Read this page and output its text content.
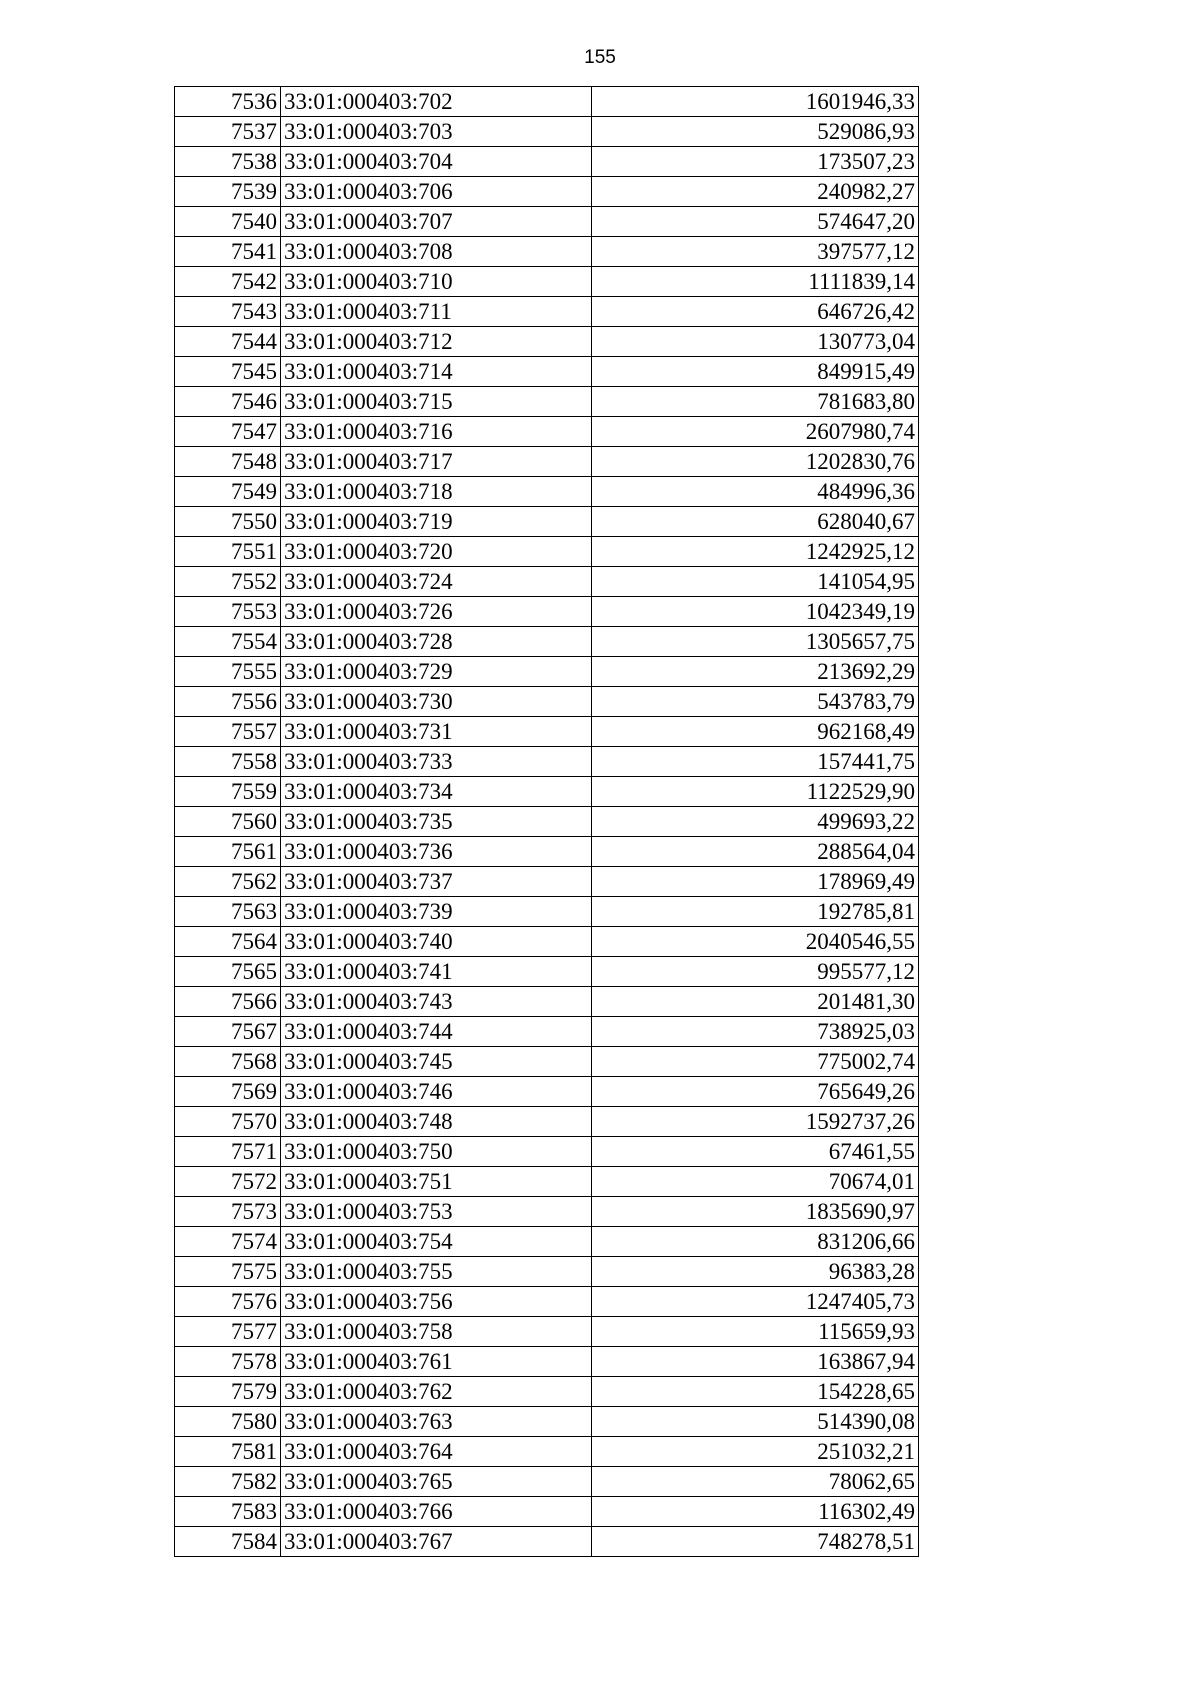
155
7536	33:01:000403:702	1601946,33
7537	33:01:000403:703	529086,93
7538	33:01:000403:704	173507,23
7539	33:01:000403:706	240982,27
7540	33:01:000403:707	574647,20
7541	33:01:000403:708	397577,12
7542	33:01:000403:710	1111839,14
7543	33:01:000403:711	646726,42
7544	33:01:000403:712	130773,04
7545	33:01:000403:714	849915,49
7546	33:01:000403:715	781683,80
7547	33:01:000403:716	2607980,74
7548	33:01:000403:717	1202830,76
7549	33:01:000403:718	484996,36
7550	33:01:000403:719	628040,67
7551	33:01:000403:720	1242925,12
7552	33:01:000403:724	141054,95
7553	33:01:000403:726	1042349,19
7554	33:01:000403:728	1305657,75
7555	33:01:000403:729	213692,29
7556	33:01:000403:730	543783,79
7557	33:01:000403:731	962168,49
7558	33:01:000403:733	157441,75
7559	33:01:000403:734	1122529,90
7560	33:01:000403:735	499693,22
7561	33:01:000403:736	288564,04
7562	33:01:000403:737	178969,49
7563	33:01:000403:739	192785,81
7564	33:01:000403:740	2040546,55
7565	33:01:000403:741	995577,12
7566	33:01:000403:743	201481,30
7567	33:01:000403:744	738925,03
7568	33:01:000403:745	775002,74
7569	33:01:000403:746	765649,26
7570	33:01:000403:748	1592737,26
7571	33:01:000403:750	67461,55
7572	33:01:000403:751	70674,01
7573	33:01:000403:753	1835690,97
7574	33:01:000403:754	831206,66
7575	33:01:000403:755	96383,28
7576	33:01:000403:756	1247405,73
7577	33:01:000403:758	115659,93
7578	33:01:000403:761	163867,94
7579	33:01:000403:762	154228,65
7580	33:01:000403:763	514390,08
7581	33:01:000403:764	251032,21
7582	33:01:000403:765	78062,65
7583	33:01:000403:766	116302,49
7584	33:01:000403:767	748278,51
